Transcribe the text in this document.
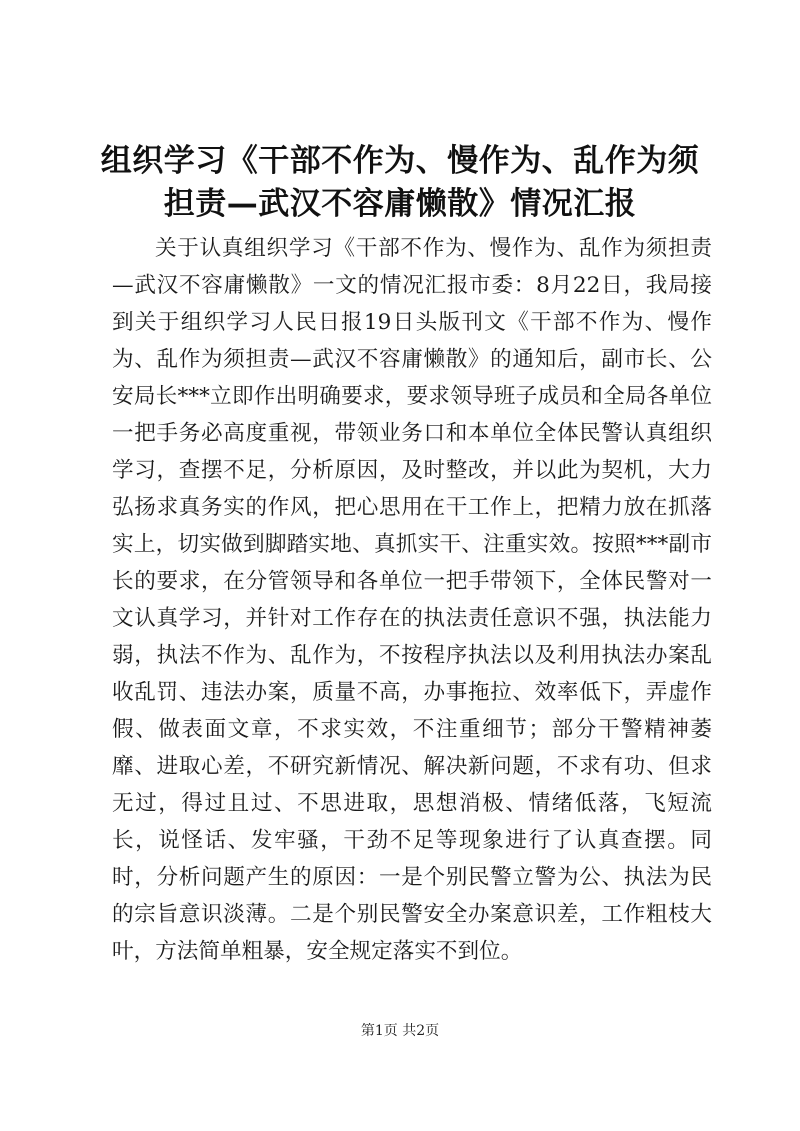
组织学习《干部不作为、慢作为、乱作为须担责—武汉不容庸懒散》情况汇报

关于认真组织学习《干部不作为、慢作为、乱作为须担责—武汉不容庸懒散》一文的情况汇报市委：8月22日，我局接到关于组织学习人民日报19日头版刊文《干部不作为、慢作为、乱作为须担责—武汉不容庸懒散》的通知后，副市长、公安局长***立即作出明确要求，要求领导班子成员和全局各单位一把手务必高度重视，带领业务口和本单位全体民警认真组织学习，查摆不足，分析原因，及时整改，并以此为契机，大力弘扬求真务实的作风，把心思用在干工作上，把精力放在抓落实上，切实做到脚踏实地、真抓实干、注重实效。按照***副市长的要求，在分管领导和各单位一把手带领下，全体民警对一文认真学习，并针对工作存在的执法责任意识不强，执法能力弱，执法不作为、乱作为，不按程序执法以及利用执法办案乱收乱罚、违法办案，质量不高，办事拖拉、效率低下，弄虚作假、做表面文章，不求实效，不注重细节；部分干警精神萎靡、进取心差，不研究新情况、解决新问题，不求有功、但求无过，得过且过、不思进取，思想消极、情绪低落，飞短流长，说怪话、发牢骚，干劲不足等现象进行了认真查摆。同时，分析问题产生的原因：一是个别民警立警为公、执法为民的宗旨意识淡薄。二是个别民警安全办案意识差，工作粗枝大叶，方法简单粗暴，安全规定落实不到位。

第1页 共2页
